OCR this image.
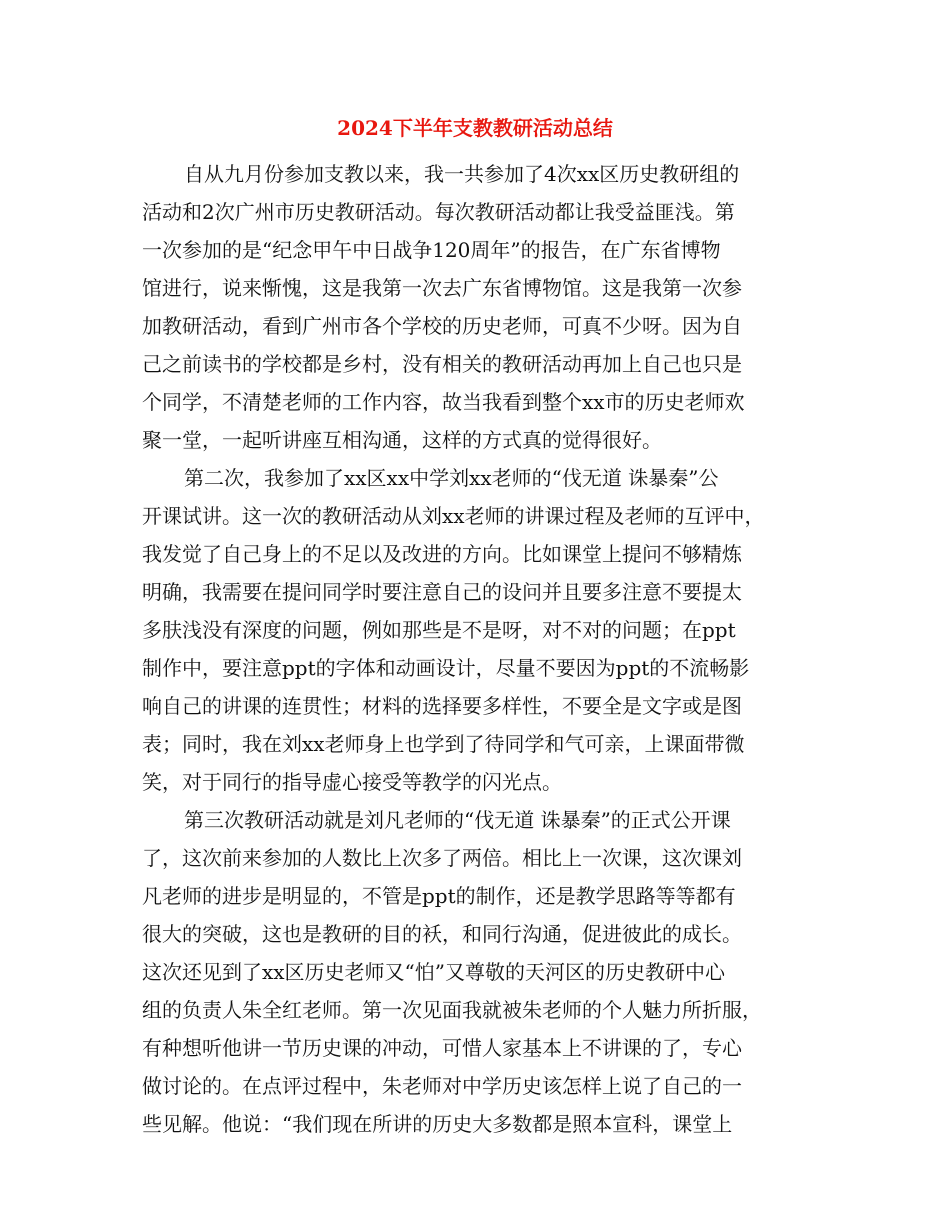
2024下半年支教教研活动总结
自从九月份参加支教以来，我一共参加了4次xx区历史教研组的
活动和2次广州市历史教研活动。每次教研活动都让我受益匪浅。第
一次参加的是“纪念甲午中日战争120周年”的报告，在广东省博物
馆进行，说来惭愧，这是我第一次去广东省博物馆。这是我第一次参
加教研活动，看到广州市各个学校的历史老师，可真不少呀。因为自
己之前读书的学校都是乡村，没有相关的教研活动再加上自己也只是
个同学，不清楚老师的工作内容，故当我看到整个xx市的历史老师欢
聚一堂，一起听讲座互相沟通，这样的方式真的觉得很好。
第二次，我参加了xx区xx中学刘xx老师的“伐无道 诛暴秦”公
开课试讲。这一次的教研活动从刘xx老师的讲课过程及老师的互评中，
我发觉了自己身上的不足以及改进的方向。比如课堂上提问不够精炼
明确，我需要在提问同学时要注意自己的设问并且要多注意不要提太
多肤浅没有深度的问题，例如那些是不是呀，对不对的问题；在ppt
制作中，要注意ppt的字体和动画设计，尽量不要因为ppt的不流畅影
响自己的讲课的连贯性；材料的选择要多样性，不要全是文字或是图
表；同时，我在刘xx老师身上也学到了待同学和气可亲，上课面带微
笑，对于同行的指导虚心接受等教学的闪光点。
第三次教研活动就是刘凡老师的“伐无道 诛暴秦”的正式公开课
了，这次前来参加的人数比上次多了两倍。相比上一次课，这次课刘
凡老师的进步是明显的，不管是ppt的制作，还是教学思路等等都有
很大的突破，这也是教研的目的袄，和同行沟通，促进彼此的成长。
这次还见到了xx区历史老师又“怕”又尊敬的天河区的历史教研中心
组的负责人朱全红老师。第一次见面我就被朱老师的个人魅力所折服，
有种想听他讲一节历史课的冲动，可惜人家基本上不讲课的了，专心
做讨论的。在点评过程中，朱老师对中学历史该怎样上说了自己的一
些见解。他说：“我们现在所讲的历史大多数都是照本宣科，课堂上
